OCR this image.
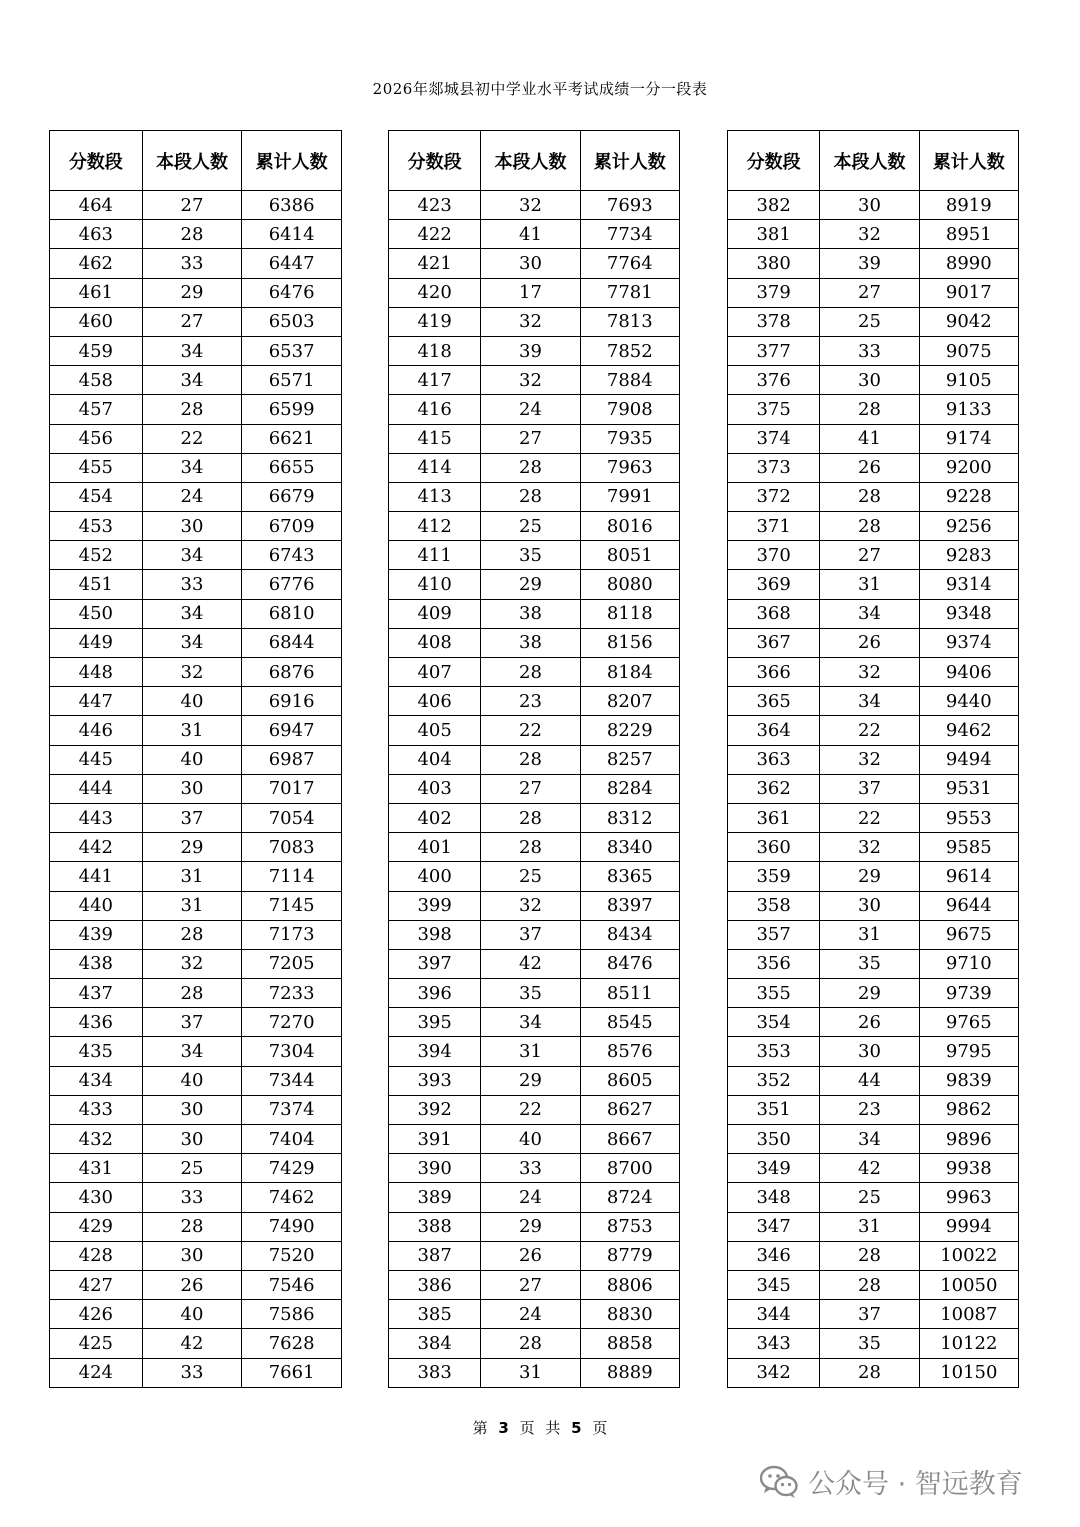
2026年郯城县初中学业水平考试成绩一分一段表
分数段	本段人数	累计人数
464	27	6386
463	28	6414
462	33	6447
461	29	6476
460	27	6503
459	34	6537
458	34	6571
457	28	6599
456	22	6621
455	34	6655
454	24	6679
453	30	6709
452	34	6743
451	33	6776
450	34	6810
449	34	6844
448	32	6876
447	40	6916
446	31	6947
445	40	6987
444	30	7017
443	37	7054
442	29	7083
441	31	7114
440	31	7145
439	28	7173
438	32	7205
437	28	7233
436	37	7270
435	34	7304
434	40	7344
433	30	7374
432	30	7404
431	25	7429
430	33	7462
429	28	7490
428	30	7520
427	26	7546
426	40	7586
425	42	7628
424	33	7661
分数段	本段人数	累计人数
423	32	7693
422	41	7734
421	30	7764
420	17	7781
419	32	7813
418	39	7852
417	32	7884
416	24	7908
415	27	7935
414	28	7963
413	28	7991
412	25	8016
411	35	8051
410	29	8080
409	38	8118
408	38	8156
407	28	8184
406	23	8207
405	22	8229
404	28	8257
403	27	8284
402	28	8312
401	28	8340
400	25	8365
399	32	8397
398	37	8434
397	42	8476
396	35	8511
395	34	8545
394	31	8576
393	29	8605
392	22	8627
391	40	8667
390	33	8700
389	24	8724
388	29	8753
387	26	8779
386	27	8806
385	24	8830
384	28	8858
383	31	8889
分数段	本段人数	累计人数
382	30	8919
381	32	8951
380	39	8990
379	27	9017
378	25	9042
377	33	9075
376	30	9105
375	28	9133
374	41	9174
373	26	9200
372	28	9228
371	28	9256
370	27	9283
369	31	9314
368	34	9348
367	26	9374
366	32	9406
365	34	9440
364	22	9462
363	32	9494
362	37	9531
361	22	9553
360	32	9585
359	29	9614
358	30	9644
357	31	9675
356	35	9710
355	29	9739
354	26	9765
353	30	9795
352	44	9839
351	23	9862
350	34	9896
349	42	9938
348	25	9963
347	31	9994
346	28	10022
345	28	10050
344	37	10087
343	35	10122
342	28	10150
第 3 页 共 5 页
公众号 · 智远教育
